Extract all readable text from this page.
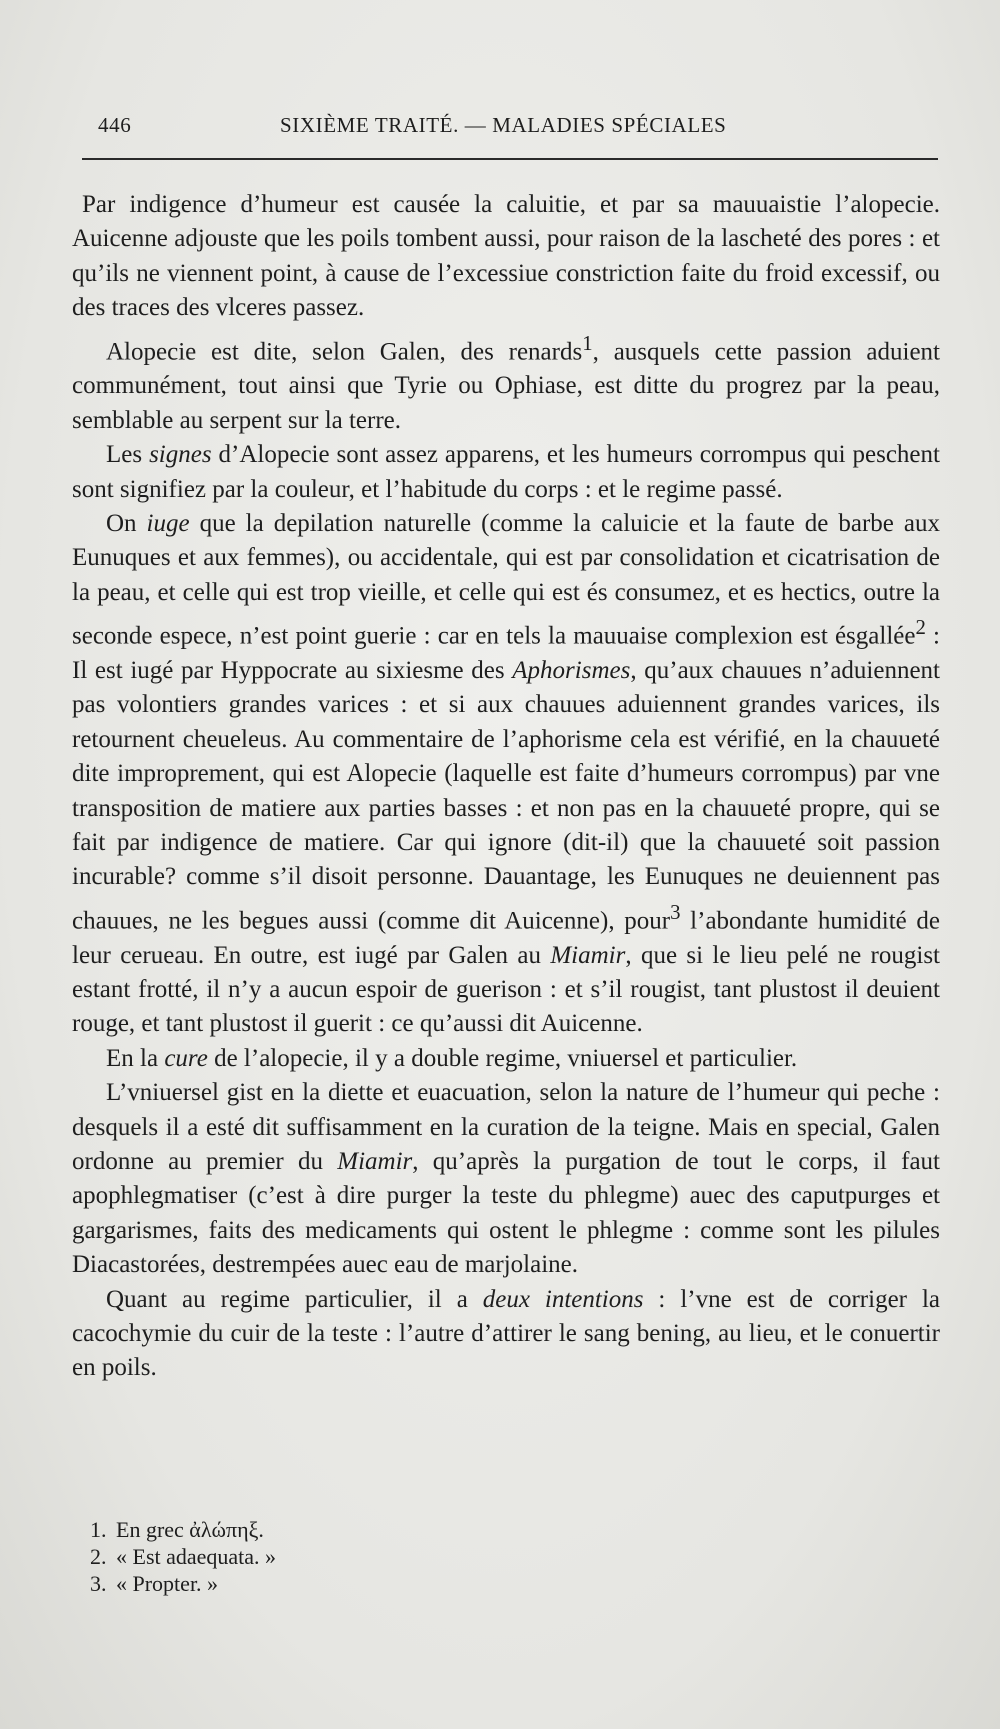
446	SIXIÈME TRAITÉ. — MALADIES SPÉCIALES

Par indigence d’humeur est causée la caluitie, et par sa mauuaistie l’alopecie. Auicenne adjouste que les poils tombent aussi, pour raison de la lascheté des pores : et qu’ils ne viennent point, à cause de l’excessiue constriction faite du froid excessif, ou des traces des vlceres passez.

Alopecie est dite, selon Galen, des renards$^1$, ausquels cette passion aduient communément, tout ainsi que Tyrie ou Ophiase, est ditte du progrez par la peau, semblable au serpent sur la terre.

Les signes d’Alopecie sont assez apparens, et les humeurs corrompus qui peschent sont signifiez par la couleur, et l’habitude du corps : et le regime passé.

On iuge que la depilation naturelle (comme la caluicie et la faute de barbe aux Eunuques et aux femmes), ou accidentale, qui est par consolidation et cicatrisation de la peau, et celle qui est trop vieille, et celle qui est és consumez, et es hectics, outre la seconde espece, n’est point guerie : car en tels la mauuaise complexion est ésgallée$^2$ : Il est iugé par Hyppocrate au sixiesme des Aphorismes, qu’aux chauues n’aduiennent pas volontiers grandes varices : et si aux chauues aduiennent grandes varices, ils retournent cheueleus. Au commentaire de l’aphorisme cela est vérifié, en la chauueté dite improprement, qui est Alopecie (laquelle est faite d’humeurs corrompus) par vne transposition de matiere aux parties basses : et non pas en la chauueté propre, qui se fait par indigence de matiere. Car qui ignore (dit-il) que la chauueté soit passion incurable? comme s’il disoit personne. Dauantage, les Eunuques ne deuiennent pas chauues, ne les begues aussi (comme dit Auicenne), pour$^3$ l’abondante humidité de leur cerueau. En outre, est iugé par Galen au Miamir, que si le lieu pelé ne rougist estant frotté, il n’y a aucun espoir de guerison : et s’il rougist, tant plustost il deuient rouge, et tant plustost il guerit : ce qu’aussi dit Auicenne.

En la cure de l’alopecie, il y a double regime, vniuersel et particulier.

L’vniuersel gist en la diette et euacuation, selon la nature de l’humeur qui peche : desquels il a esté dit suffisamment en la curation de la teigne. Mais en special, Galen ordonne au premier du Miamir, qu’après la purgation de tout le corps, il faut apophlegmatiser (c’est à dire purger la teste du phlegme) auec des caputpurges et gargarismes, faits des medicaments qui ostent le phlegme : comme sont les pilules Diacastorées, destrempées auec eau de marjolaine.

Quant au regime particulier, il a deux intentions : l’vne est de corriger la cacochymie du cuir de la teste : l’autre d’attirer le sang bening, au lieu, et le conuertir en poils.

1. En grec ἀλώπηξ.
2. « Est adaequata. »
3. « Propter. »
